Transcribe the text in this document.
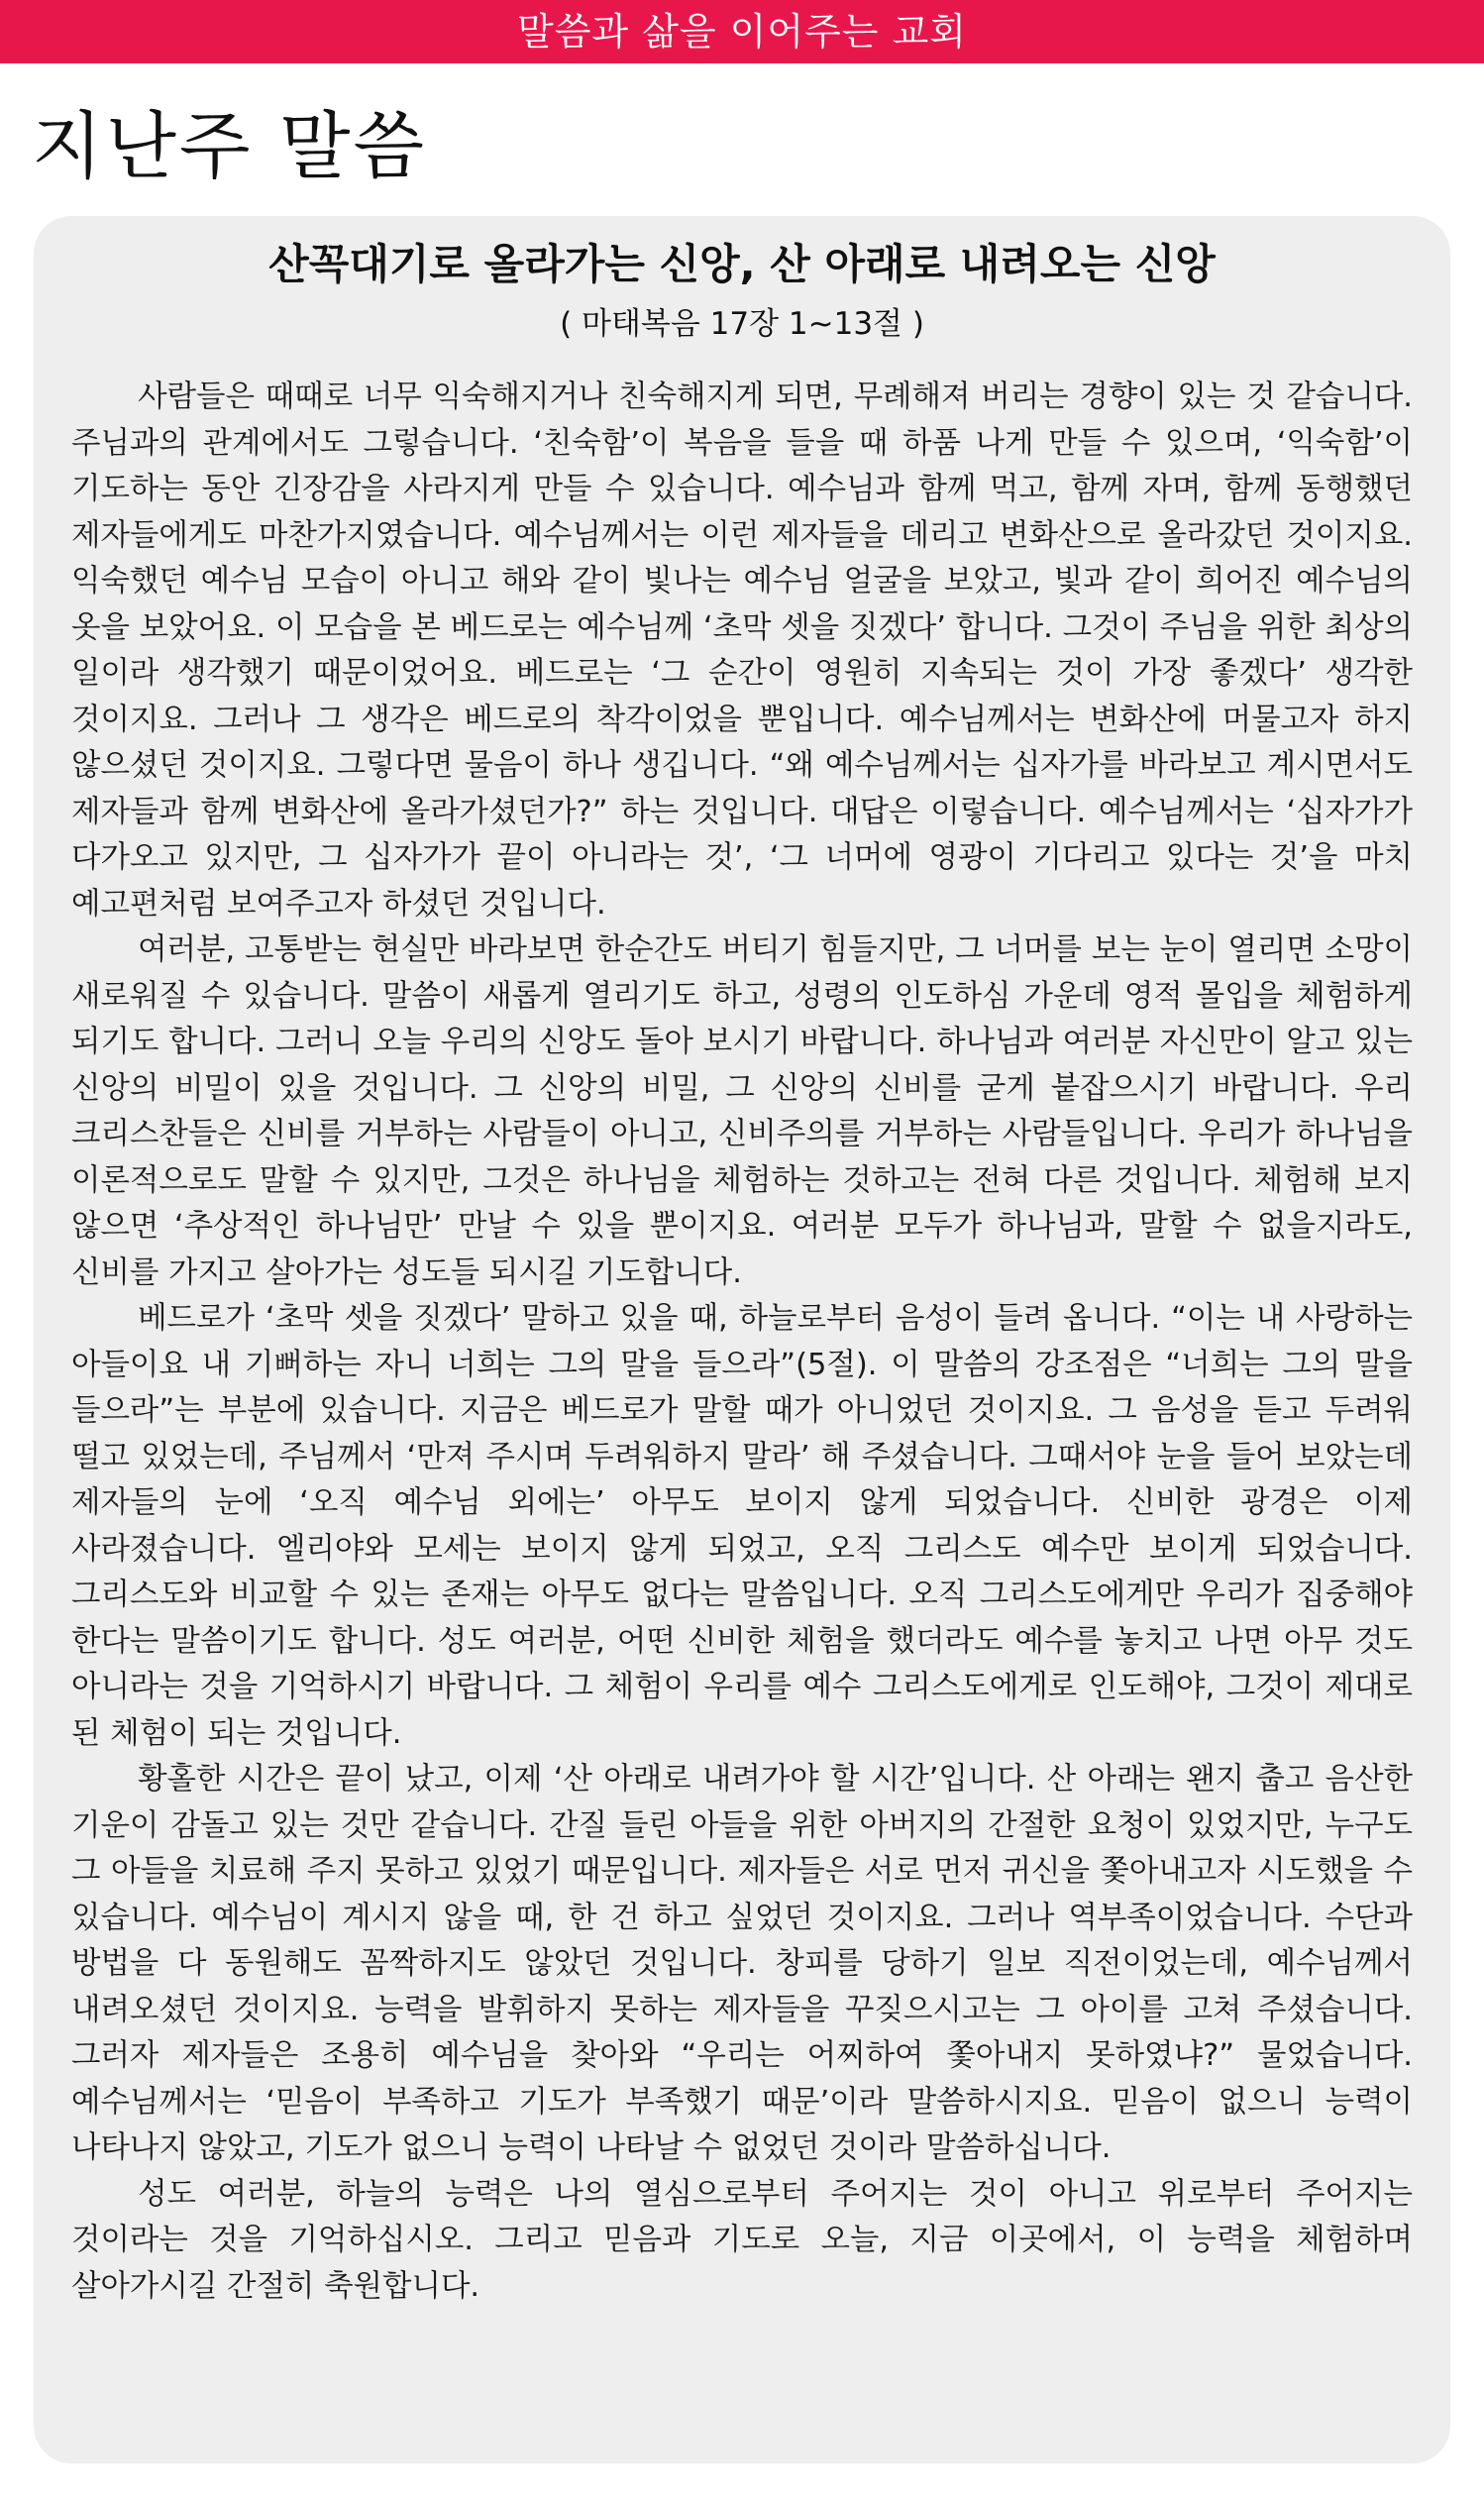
말씀과 삶을 이어주는 교회
지난주 말씀
산꼭대기로 올라가는 신앙, 산 아래로 내려오는 신앙
( 마태복음 17장 1~13절 )

사람들은 때때로 너무 익숙해지거나 친숙해지게 되면, 무례해져 버리는 경향이 있는 것 같습니다. 주님과의 관계에서도 그렇습니다. ‘친숙함’이 복음을 들을 때 하품 나게 만들 수 있으며, ‘익숙함’이 기도하는 동안 긴장감을 사라지게 만들 수 있습니다. 예수님과 함께 먹고, 함께 자며, 함께 동행했던 제자들에게도 마찬가지였습니다. 예수님께서는 이런 제자들을 데리고 변화산으로 올라갔던 것이지요. 익숙했던 예수님 모습이 아니고 해와 같이 빛나는 예수님 얼굴을 보았고, 빛과 같이 희어진 예수님의 옷을 보았어요. 이 모습을 본 베드로는 예수님께 ‘초막 셋을 짓겠다’ 합니다. 그것이 주님을 위한 최상의 일이라 생각했기 때문이었어요. 베드로는 ‘그 순간이 영원히 지속되는 것이 가장 좋겠다’ 생각한 것이지요. 그러나 그 생각은 베드로의 착각이었을 뿐입니다. 예수님께서는 변화산에 머물고자 하지 않으셨던 것이지요. 그렇다면 물음이 하나 생깁니다. “왜 예수님께서는 십자가를 바라보고 계시면서도 제자들과 함께 변화산에 올라가셨던가?” 하는 것입니다. 대답은 이렇습니다. 예수님께서는 ‘십자가가 다가오고 있지만, 그 십자가가 끝이 아니라는 것’, ‘그 너머에 영광이 기다리고 있다는 것’을 마치 예고편처럼 보여주고자 하셨던 것입니다.

여러분, 고통받는 현실만 바라보면 한순간도 버티기 힘들지만, 그 너머를 보는 눈이 열리면 소망이 새로워질 수 있습니다. 말씀이 새롭게 열리기도 하고, 성령의 인도하심 가운데 영적 몰입을 체험하게 되기도 합니다. 그러니 오늘 우리의 신앙도 돌아 보시기 바랍니다. 하나님과 여러분 자신만이 알고 있는 신앙의 비밀이 있을 것입니다. 그 신앙의 비밀, 그 신앙의 신비를 굳게 붙잡으시기 바랍니다. 우리 크리스찬들은 신비를 거부하는 사람들이 아니고, 신비주의를 거부하는 사람들입니다. 우리가 하나님을 이론적으로도 말할 수 있지만, 그것은 하나님을 체험하는 것하고는 전혀 다른 것입니다. 체험해 보지 않으면 ‘추상적인 하나님만’ 만날 수 있을 뿐이지요. 여러분 모두가 하나님과, 말할 수 없을지라도, 신비를 가지고 살아가는 성도들 되시길 기도합니다.

베드로가 ‘초막 셋을 짓겠다’ 말하고 있을 때, 하늘로부터 음성이 들려 옵니다. “이는 내 사랑하는 아들이요 내 기뻐하는 자니 너희는 그의 말을 들으라”(5절). 이 말씀의 강조점은 “너희는 그의 말을 들으라”는 부분에 있습니다. 지금은 베드로가 말할 때가 아니었던 것이지요. 그 음성을 듣고 두려워 떨고 있었는데, 주님께서 ‘만져 주시며 두려워하지 말라’ 해 주셨습니다. 그때서야 눈을 들어 보았는데 제자들의 눈에 ‘오직 예수님 외에는’ 아무도 보이지 않게 되었습니다. 신비한 광경은 이제 사라졌습니다. 엘리야와 모세는 보이지 않게 되었고, 오직 그리스도 예수만 보이게 되었습니다. 그리스도와 비교할 수 있는 존재는 아무도 없다는 말씀입니다. 오직 그리스도에게만 우리가 집중해야 한다는 말씀이기도 합니다. 성도 여러분, 어떤 신비한 체험을 했더라도 예수를 놓치고 나면 아무 것도 아니라는 것을 기억하시기 바랍니다. 그 체험이 우리를 예수 그리스도에게로 인도해야, 그것이 제대로 된 체험이 되는 것입니다.

황홀한 시간은 끝이 났고, 이제 ‘산 아래로 내려가야 할 시간’입니다. 산 아래는 왠지 춥고 음산한 기운이 감돌고 있는 것만 같습니다. 간질 들린 아들을 위한 아버지의 간절한 요청이 있었지만, 누구도 그 아들을 치료해 주지 못하고 있었기 때문입니다. 제자들은 서로 먼저 귀신을 쫓아내고자 시도했을 수 있습니다. 예수님이 계시지 않을 때, 한 건 하고 싶었던 것이지요. 그러나 역부족이었습니다. 수단과 방법을 다 동원해도 꼼짝하지도 않았던 것입니다. 창피를 당하기 일보 직전이었는데, 예수님께서 내려오셨던 것이지요. 능력을 발휘하지 못하는 제자들을 꾸짖으시고는 그 아이를 고쳐 주셨습니다. 그러자 제자들은 조용히 예수님을 찾아와 “우리는 어찌하여 쫓아내지 못하였냐?” 물었습니다. 예수님께서는 ‘믿음이 부족하고 기도가 부족했기 때문’이라 말씀하시지요. 믿음이 없으니 능력이 나타나지 않았고, 기도가 없으니 능력이 나타날 수 없었던 것이라 말씀하십니다.

성도 여러분, 하늘의 능력은 나의 열심으로부터 주어지는 것이 아니고 위로부터 주어지는 것이라는 것을 기억하십시오. 그리고 믿음과 기도로 오늘, 지금 이곳에서, 이 능력을 체험하며 살아가시길 간절히 축원합니다.
